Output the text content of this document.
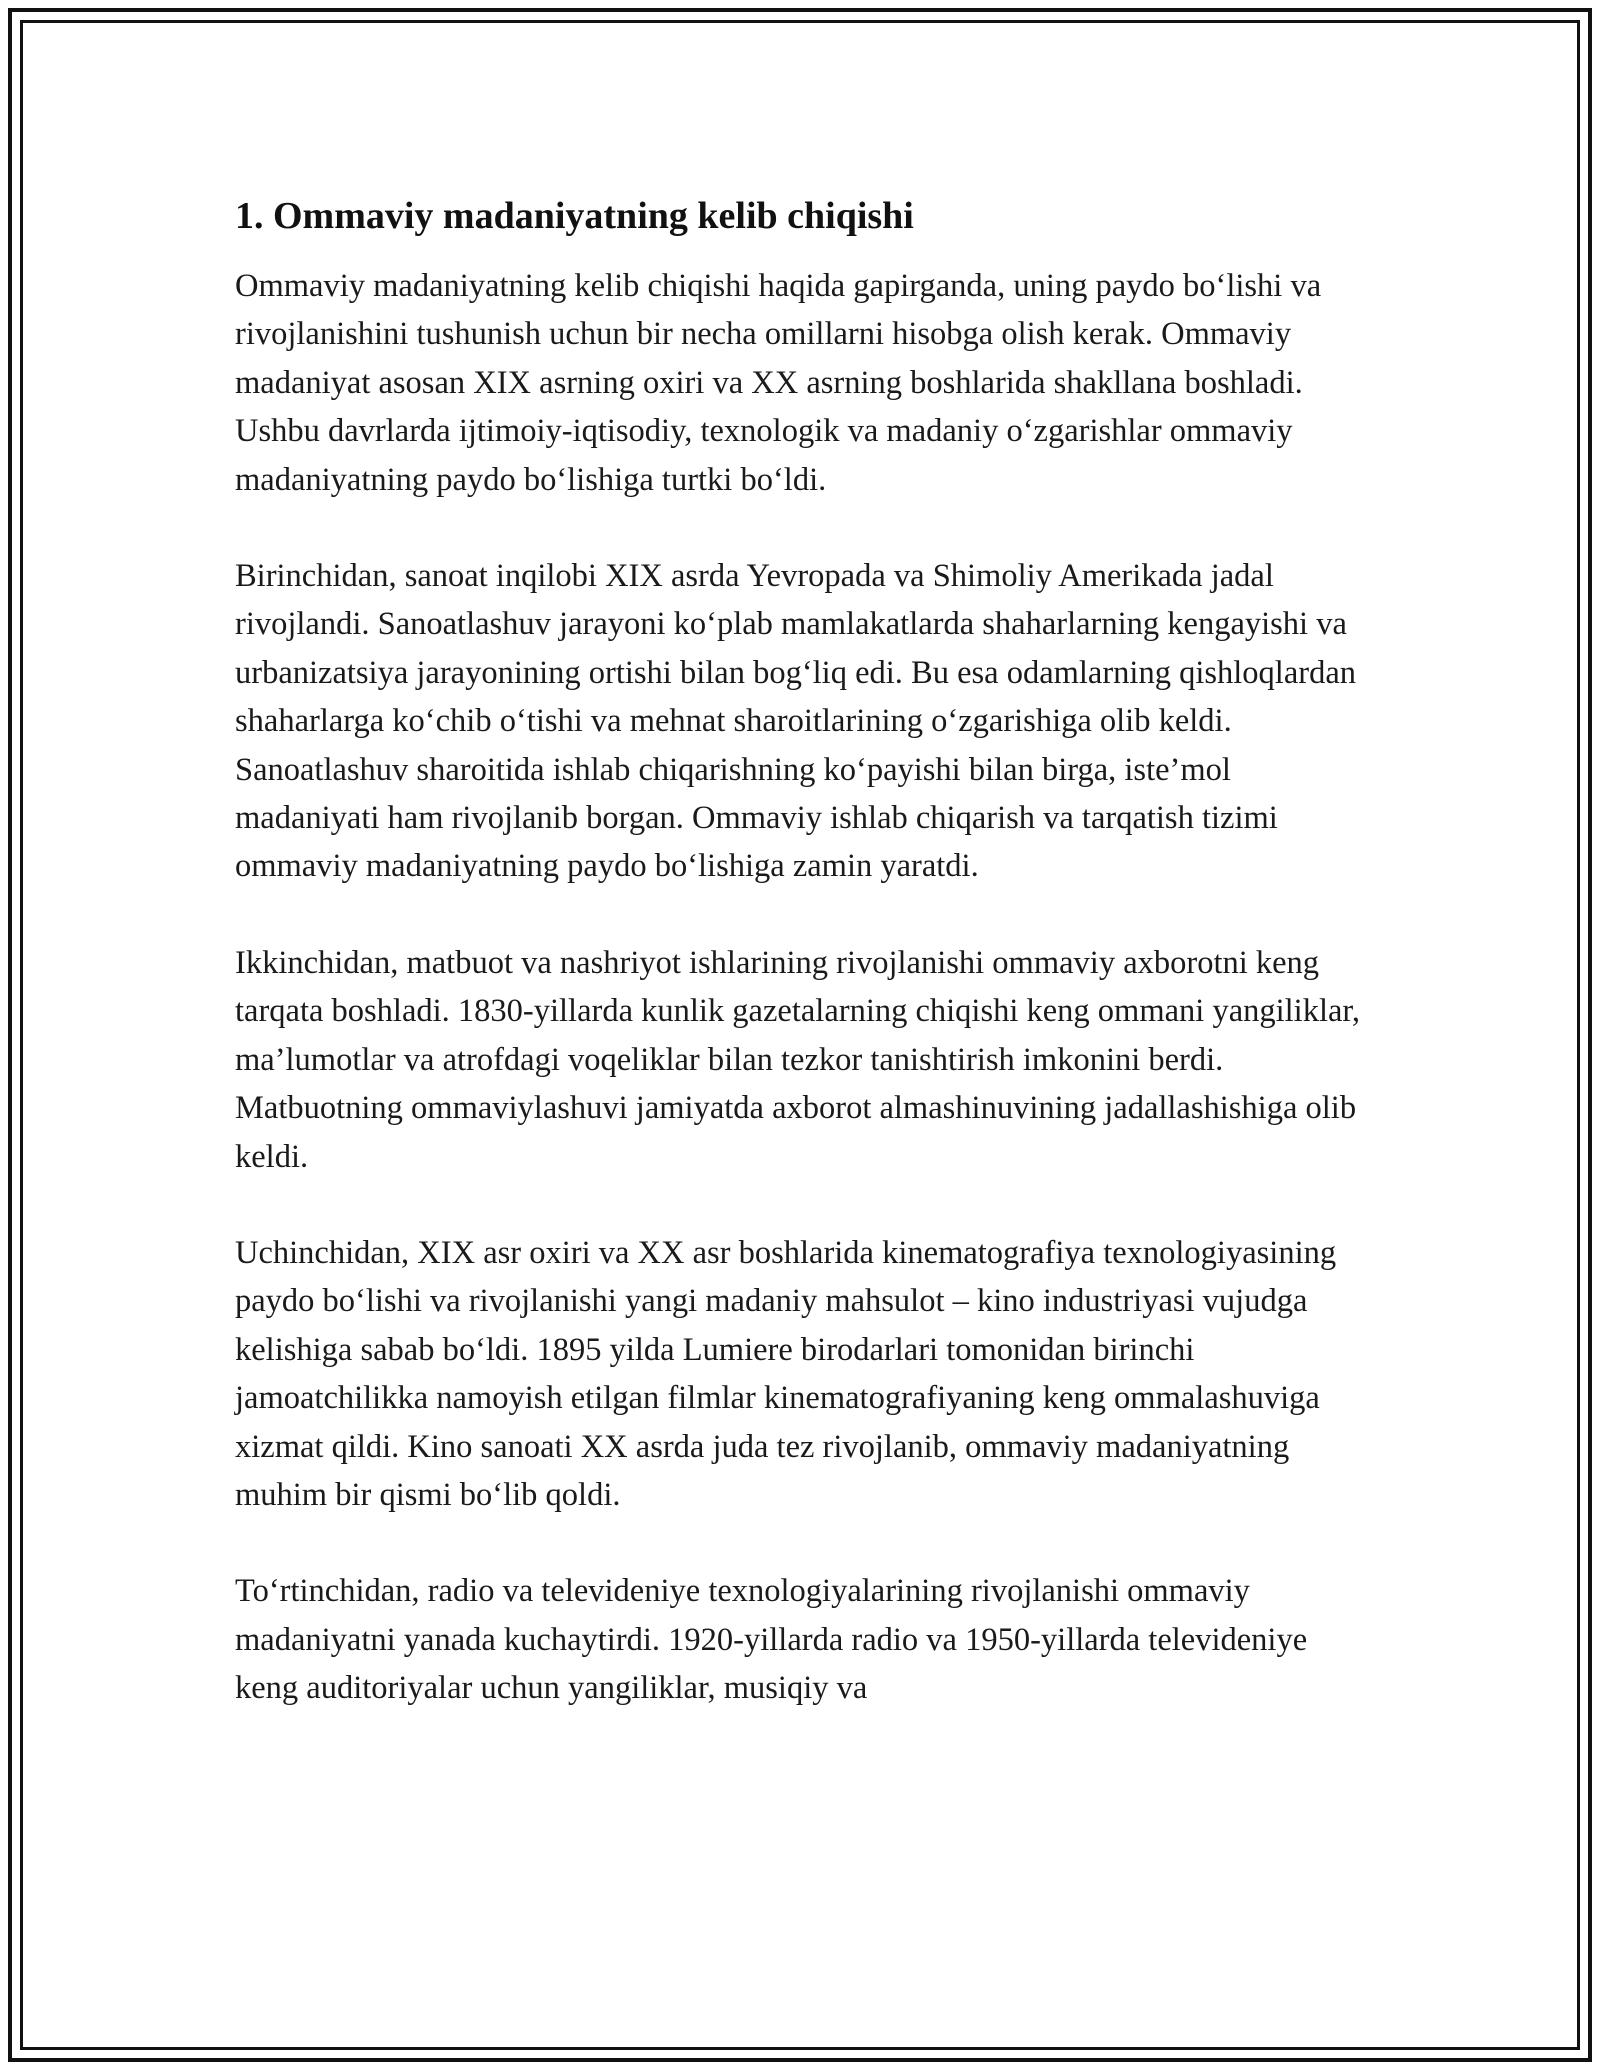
1. Ommaviy madaniyatning kelib chiqishi

Ommaviy madaniyatning kelib chiqishi haqida gapirganda, uning paydo bo‘lishi va rivojlanishini tushunish uchun bir necha omillarni hisobga olish kerak. Ommaviy madaniyat asosan XIX asrning oxiri va XX asrning boshlarida shakllana boshladi. Ushbu davrlarda ijtimoiy-iqtisodiy, texnologik va madaniy o‘zgarishlar ommaviy madaniyatning paydo bo‘lishiga turtki bo‘ldi.

Birinchidan, sanoat inqilobi XIX asrda Yevropada va Shimoliy Amerikada jadal rivojlandi. Sanoatlashuv jarayoni ko‘plab mamlakatlarda shaharlarning kengayishi va urbanizatsiya jarayonining ortishi bilan bog‘liq edi. Bu esa odamlarning qishloqlardan shaharlarga ko‘chib o‘tishi va mehnat sharoitlarining o‘zgarishiga olib keldi. Sanoatlashuv sharoitida ishlab chiqarishning ko‘payishi bilan birga, iste’mol madaniyati ham rivojlanib borgan. Ommaviy ishlab chiqarish va tarqatish tizimi ommaviy madaniyatning paydo bo‘lishiga zamin yaratdi.

Ikkinchidan, matbuot va nashriyot ishlarining rivojlanishi ommaviy axborotni keng tarqata boshladi. 1830-yillarda kunlik gazetalarning chiqishi keng ommani yangiliklar, ma’lumotlar va atrofdagi voqeliklar bilan tezkor tanishtirish imkonini berdi. Matbuotning ommaviylashuvi jamiyatda axborot almashinuvining jadallashishiga olib keldi.

Uchinchidan, XIX asr oxiri va XX asr boshlarida kinematografiya texnologiyasining paydo bo‘lishi va rivojlanishi yangi madaniy mahsulot – kino industriyasi vujudga kelishiga sabab bo‘ldi. 1895 yilda Lumiere birodarlari tomonidan birinchi jamoatchilikka namoyish etilgan filmlar kinematografiyaning keng ommalashuviga xizmat qildi. Kino sanoati XX asrda juda tez rivojlanib, ommaviy madaniyatning muhim bir qismi bo‘lib qoldi.

To‘rtinchidan, radio va televideniye texnologiyalarining rivojlanishi ommaviy madaniyatni yanada kuchaytirdi. 1920-yillarda radio va 1950-yillarda televideniye keng auditoriyalar uchun yangiliklar, musiqiy va
